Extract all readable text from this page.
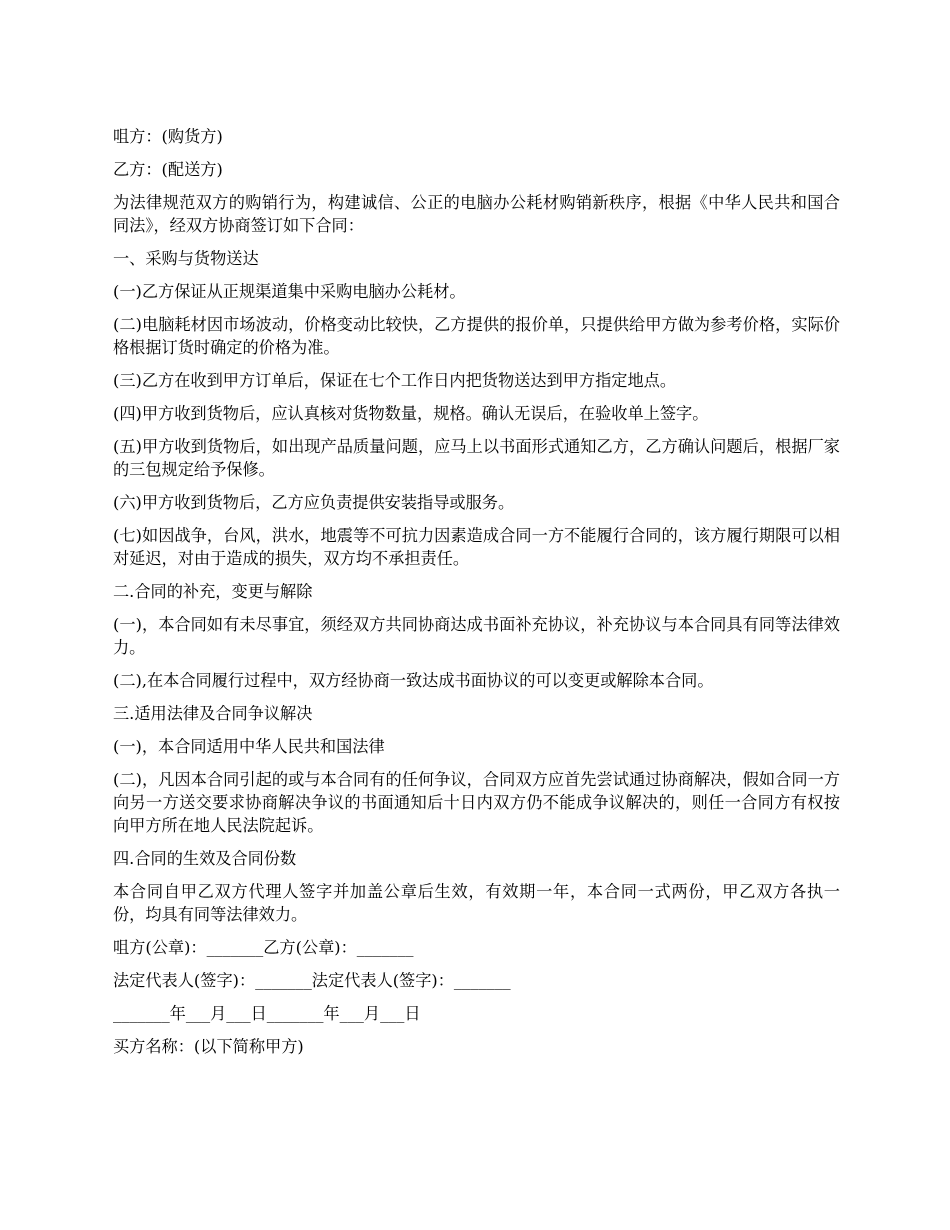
咀方：(购货方)

乙方：(配送方)

为法律规范双方的购销行为，构建诚信、公正的电脑办公耗材购销新秩序，根据《中华人民共和国合同法》，经双方协商签订如下合同：

一、采购与货物送达

(一)乙方保证从正规渠道集中采购电脑办公耗材。

(二)电脑耗材因市场波动，价格变动比较快，乙方提供的报价单，只提供给甲方做为参考价格，实际价格根据订货时确定的价格为准。

(三)乙方在收到甲方订单后，保证在七个工作日内把货物送达到甲方指定地点。

(四)甲方收到货物后，应认真核对货物数量，规格。确认无误后，在验收单上签字。

(五)甲方收到货物后，如出现产品质量问题，应马上以书面形式通知乙方，乙方确认问题后，根据厂家的三包规定给予保修。

(六)甲方收到货物后，乙方应负责提供安装指导或服务。

(七)如因战争，台风，洪水，地震等不可抗力因素造成合同一方不能履行合同的，该方履行期限可以相对延迟，对由于造成的损失，双方均不承担责任。

二.合同的补充，变更与解除

(一)，本合同如有未尽事宜，须经双方共同协商达成书面补充协议，补充协议与本合同具有同等法律效力。

(二),在本合同履行过程中，双方经协商一致达成书面协议的可以变更或解除本合同。

三.适用法律及合同争议解决

(一)，本合同适用中华人民共和国法律

(二)，凡因本合同引起的或与本合同有的任何争议，合同双方应首先尝试通过协商解决，假如合同一方向另一方送交要求协商解决争议的书面通知后十日内双方仍不能成争议解决的，则任一合同方有权按向甲方所在地人民法院起诉。

四.合同的生效及合同份数

本合同自甲乙双方代理人签字并加盖公章后生效，有效期一年，本合同一式两份，甲乙双方各执一份，均具有同等法律效力。

咀方(公章)：_______乙方(公章)：_______

法定代表人(签字)：_______法定代表人(签字)：_______

_______年___月___日_______年___月___日

买方名称：(以下简称甲方)
